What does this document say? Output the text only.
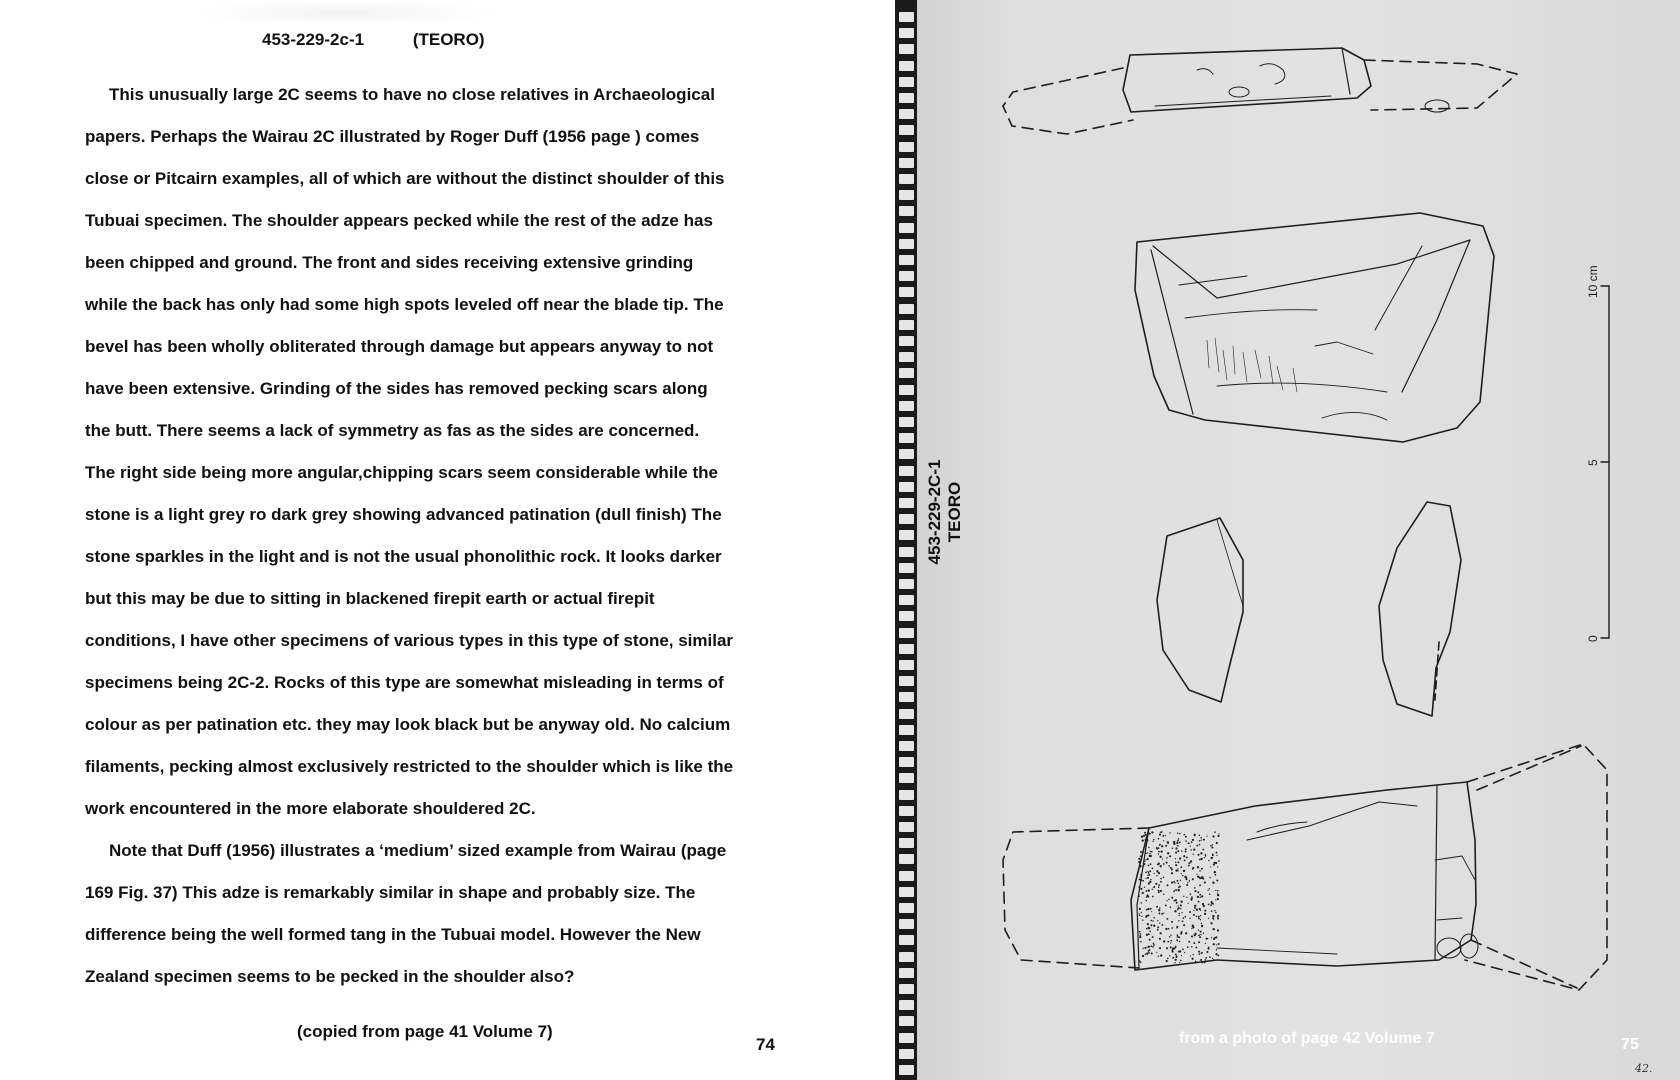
453-229-2c-1	(TEORO)

This unusually large 2C seems to have no close relatives in Archaeological
papers. Perhaps the Wairau 2C illustrated by Roger Duff (1956 page ) comes
close or Pitcairn examples, all of which are without the distinct shoulder of this
Tubuai specimen. The shoulder appears pecked while the rest of the adze has
been chipped and ground. The front and sides receiving extensive grinding
while the back has only had some high spots leveled off near the blade tip. The
bevel has been wholly obliterated through damage but appears anyway to not
have been extensive. Grinding of the sides has removed pecking scars along
the butt. There seems a lack of symmetry as fas as the sides are concerned.
The right side being more angular,chipping scars seem considerable while the
stone is a light grey ro dark grey showing advanced patination (dull finish) The
stone sparkles in the light and is not the usual phonolithic rock. It looks darker
but this may be due to sitting in blackened firepit earth or actual firepit
conditions, I have other specimens of various types in this type of stone, similar
specimens being 2C-2. Rocks of this type are somewhat misleading in terms of
colour as per patination etc. they may look black but be anyway old. No calcium
filaments, pecking almost exclusively restricted to the shoulder which is like the
work encountered in the more elaborate shouldered 2C.

Note that Duff (1956) illustrates a ‘medium’ sized example from Wairau (page
169 Fig. 37) This adze is remarkably similar in shape and probably size. The
difference being the well formed tang in the Tubuai model. However the New
Zealand specimen seems to be pecked in the shoulder also?

(copied from page 41 Volume 7)
74
453-229-2C-1 TEORO
10 cm
5
0
from a photo of page 42 Volume 7	75
42.
